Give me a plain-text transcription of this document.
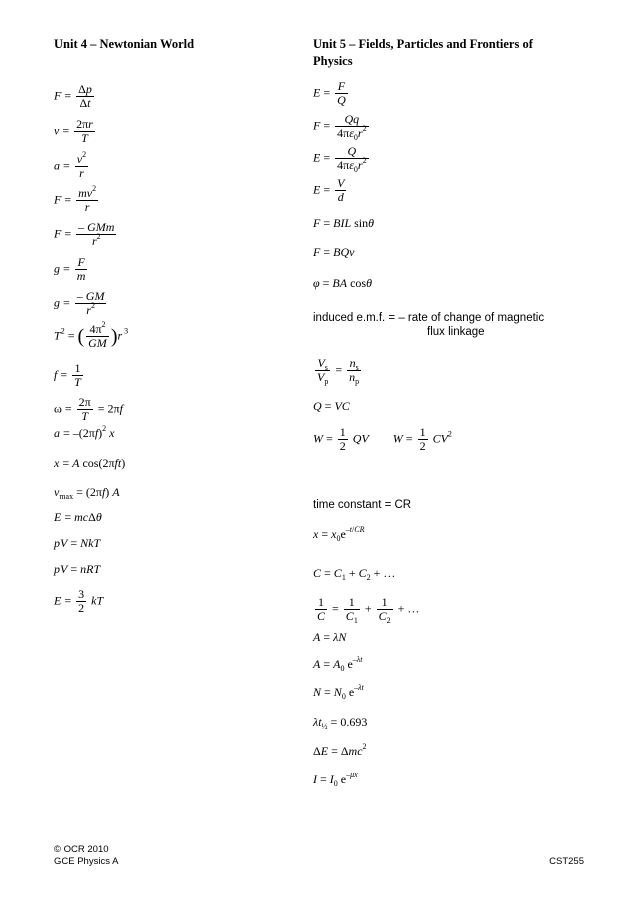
Unit 4 – Newtonian World
$F = \frac{\Delta p}{\Delta t}$
$v = \frac{2\pi r}{T}$
$a = \frac{v^2}{r}$
$F = \frac{mv^2}{r}$
F = – GMm
$r^2$
$g = \frac{F}{m}$
$g = \frac{- GM}{r^2}$
$T^2$ = ( $\frac{4\pi^2}{GM} )r$ $^3$
$f = \frac{1}{T}$
$\omega = \frac{2\pi}{T} = 2\pi f$
$a = -(2\pi f)^2$ x
x = A cos(2πft)
$v_{max} = (2\pi f)$ A
E = mcΔθ
pV = NkT
pV = nRT
$E = \frac{3}{2}$ kT
Unit 5 – Fields, Particles and Frontiers of
Physics
$E = \frac{F}{Q}$
$F = \frac{Qq}{4\pi\varepsilon_0r^2}$
$E = \frac{Q}{4\pi\varepsilon_0r^2}$
$E = \frac{V}{d}$
F = BIL sinθ
F = BQv
φ = BA cosθ
induced e.m.f. = – rate of change of magnetic
flux linkage
$\frac{V_s}{V_p} = \frac{n_s}{n_p}$
Q = VC
$W = \frac{1}{2}$ QV $W = \frac{1}{2} CV^2$
time constant = CR
$x = x_0e^{-t/CR}$
$C = C_1 + C_2$ + …
$\frac{1}{C} = \frac{1}{C_1} + \frac{1}{C_2}$ + …
A = λN
$A = A_0$ $e^{-\lambda t}$
$N = N_0$ $e^{-\lambda t}$
$\lambda t_{\frac{1}{2}} = 0.693$
ΔE = Δmc$^2$
$I = I_0$ $e^{-\mu x}$
© OCR 2010
GCE Physics A	CST255
